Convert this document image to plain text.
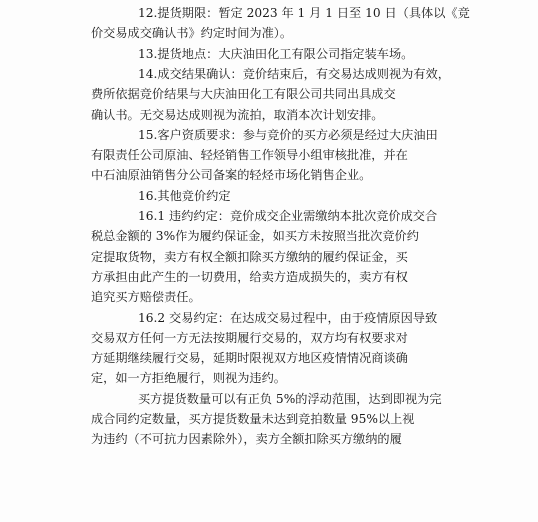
12.提货期限：暂定 2023 年 1 月 1 日至 10 日（具体以《竞
价交易成交确认书》约定时间为准）。
13.提货地点：大庆油田化工有限公司指定装车场。
14.成交结果确认：竞价结束后，有交易达成则视为有效，
费所依据竞价结果与大庆油田化工有限公司共同出具成交
确认书。无交易达成则视为流拍，取消本次计划安排。
15.客户资质要求：参与竞价的买方必须是经过大庆油田
有限责任公司原油、轻烃销售工作领导小组审核批准，并在
中石油原油销售分公司备案的轻烃市场化销售企业。
16.其他竞价约定
16.1 违约约定：竞价成交企业需缴纳本批次竞价成交合
税总金额的 3%作为履约保证金，如买方未按照当批次竞价约
定提取货物，卖方有权全额扣除买方缴纳的履约保证金，买
方承担由此产生的一切费用，给卖方造成损失的，卖方有权
追究买方赔偿责任。
16.2 交易约定：在达成交易过程中，由于疫情原因导致
交易双方任何一方无法按期履行交易的，双方均有权要求对
方延期继续履行交易，延期时限视双方地区疫情情况商谈确
定，如一方拒绝履行，则视为违约。
成合同约定数量，买方提货数量未达到竞拍数量 95%以上视
为违约（不可抗力因素除外），卖方全额扣除买方缴纳的履
买方提货数量可以有正负 5%的浮动范围，达到即视为完
